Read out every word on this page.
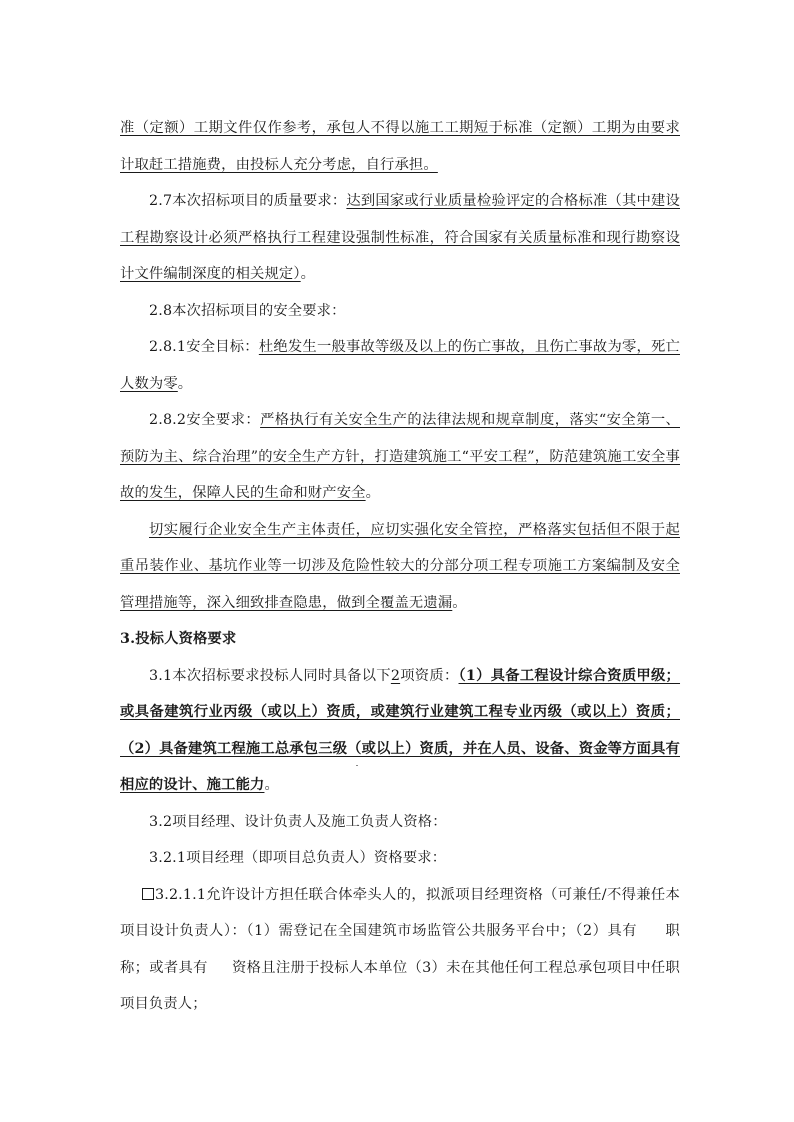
准（定额）工期文件仅作参考，承包人不得以施工工期短于标准（定额）工期为由要求计取赶工措施费，由投标人充分考虑，自行承担。

2.7本次招标项目的质量要求：达到国家或行业质量检验评定的合格标准（其中建设工程勘察设计必须严格执行工程建设强制性标准，符合国家有关质量标准和现行勘察设计文件编制深度的相关规定）。

2.8本次招标项目的安全要求：

2.8.1安全目标：杜绝发生一般事故等级及以上的伤亡事故，且伤亡事故为零，死亡人数为零。

2.8.2安全要求：严格执行有关安全生产的法律法规和规章制度，落实“安全第一、预防为主、综合治理”的安全生产方针，打造建筑施工“平安工程”，防范建筑施工安全事故的发生，保障人民的生命和财产安全。

切实履行企业安全生产主体责任，应切实强化安全管控，严格落实包括但不限于起重吊装作业、基坑作业等一切涉及危险性较大的分部分项工程专项施工方案编制及安全管理措施等，深入细致排查隐患，做到全覆盖无遗漏。

3.投标人资格要求

3.1本次招标要求投标人同时具备以下2项资质：（1）具备工程设计综合资质甲级；或具备建筑行业丙级（或以上）资质，或建筑行业建筑工程专业丙级（或以上）资质；（2）具备建筑工程施工总承包三级（或以上）资质，并在人员、设备、资金等方面具有相应的设计、施工能力。

3.2项目经理、设计负责人及施工负责人资格：

3.2.1项目经理（即项目总负责人）资格要求：

3.2.1.1允许设计方担任联合体牵头人的，拟派项目经理资格（可兼任/不得兼任本项目设计负责人）：（1）需登记在全国建筑市场监管公共服务平台中；（2）具有 职称；或者具有 资格且注册于投标人本单位（3）未在其他任何工程总承包项目中任职项目负责人；
